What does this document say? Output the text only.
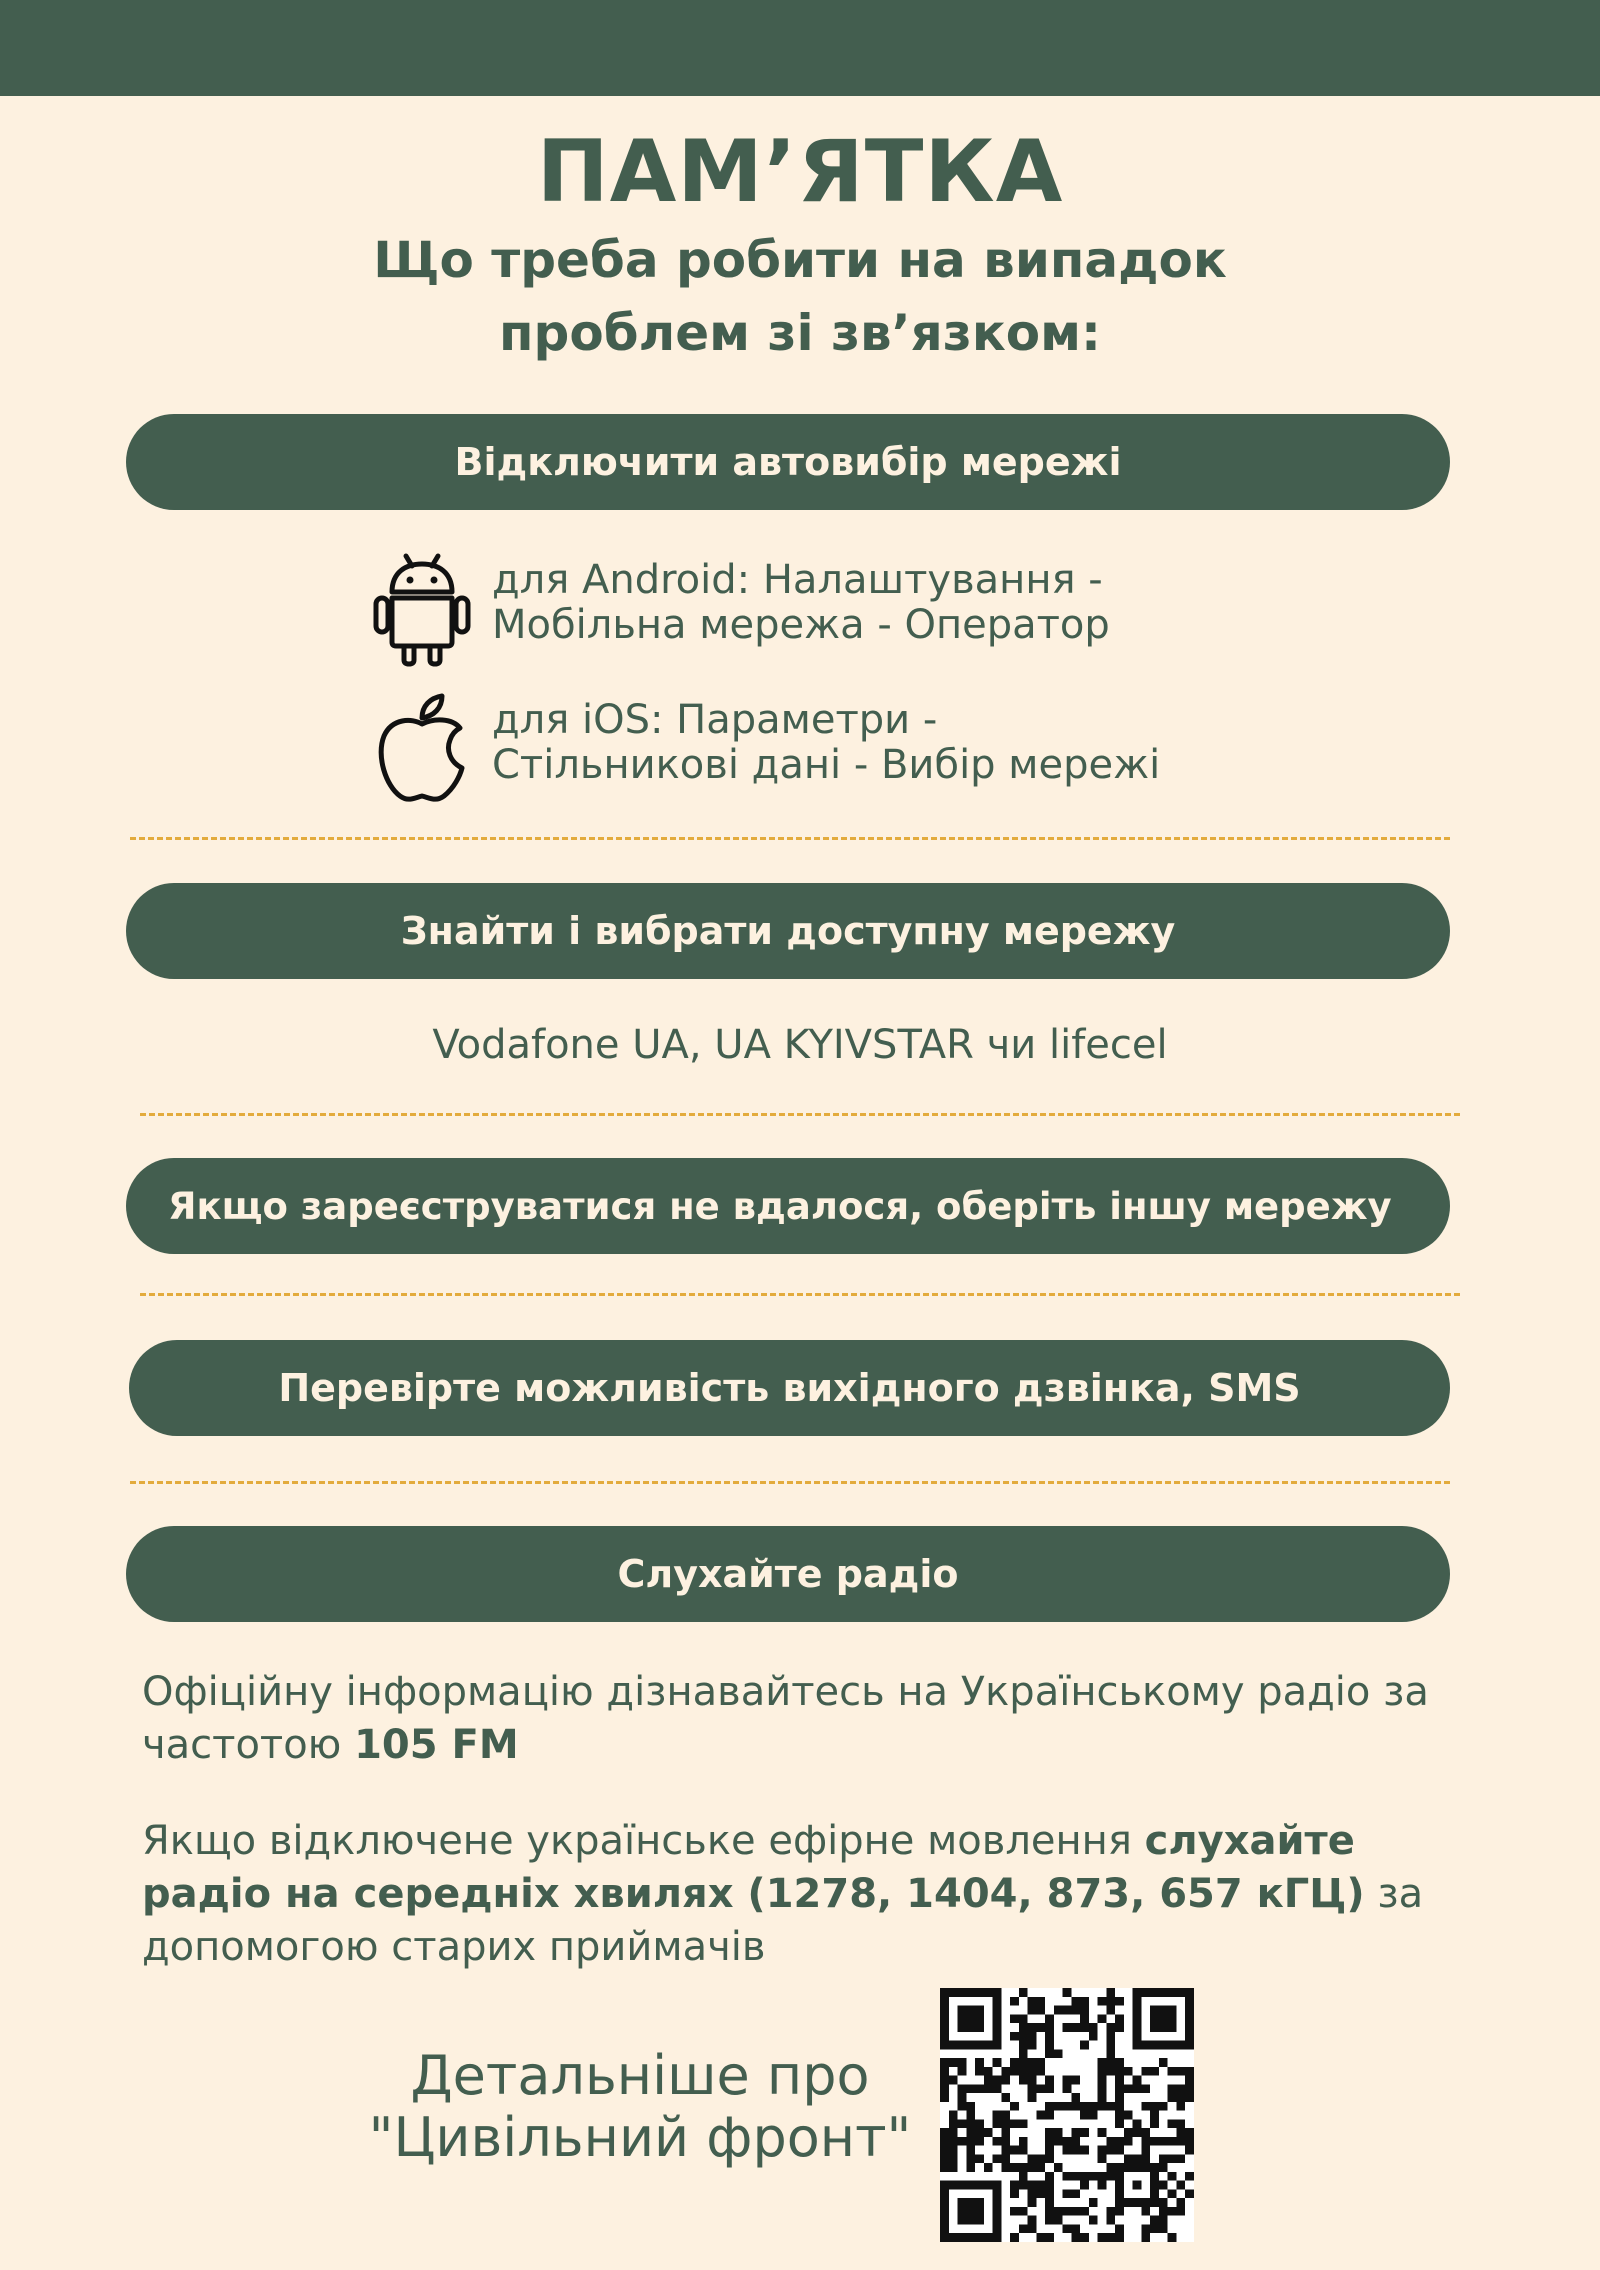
ПАМ’ЯТКА
Що треба робити на випадок
проблем зі зв’язком:
Відключити автовибір мережі
для Android: Налаштування -
Мобільна мережа - Оператор
для iOS: Параметри -
Стільникові дані - Вибір мережі
Знайти і вибрати доступну мережу
Vodafone UA, UA KYIVSTAR чи lifecel
Якщо зареєструватися не вдалося, оберіть іншу мережу
Перевірте можливість вихідного дзвінка, SMS
Слухайте радіо
Офіційну інформацію дізнавайтесь на Українському радіо за частотою 105 FM
Якщо відключене українське ефірне мовлення слухайте радіо на середніх хвилях (1278, 1404, 873, 657 кГЦ) за допомогою старих приймачів
Детальніше про
"Цивільний фронт"
